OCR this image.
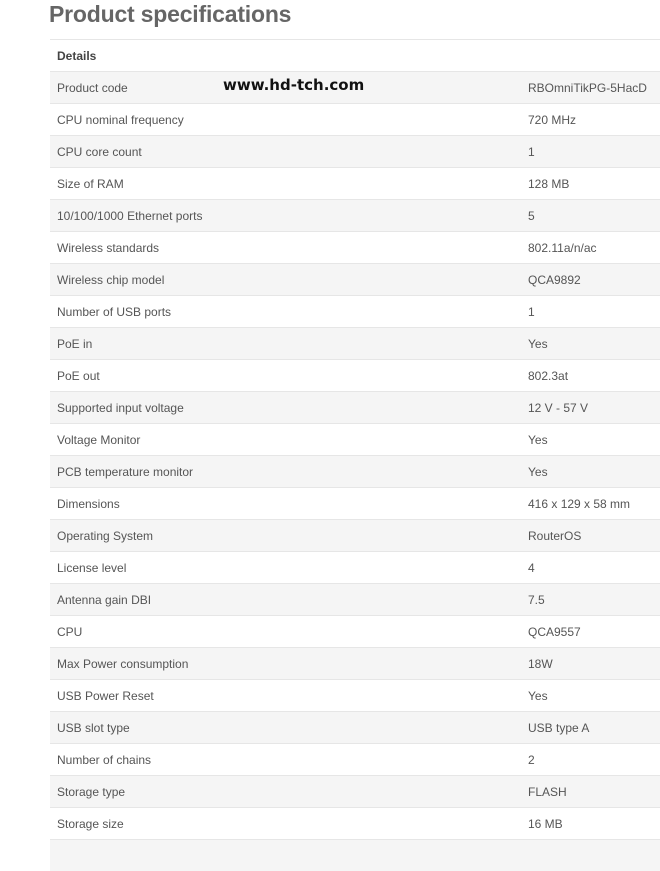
Product specifications
Details
Product code	RBOmniTikPG-5HacD
CPU nominal frequency	720 MHz
CPU core count	1
Size of RAM	128 MB
10/100/1000 Ethernet ports	5
Wireless standards	802.11a/n/ac
Wireless chip model	QCA9892
Number of USB ports	1
PoE in	Yes
PoE out	802.3at
Supported input voltage	12 V - 57 V
Voltage Monitor	Yes
PCB temperature monitor	Yes
Dimensions	416 x 129 x 58 mm
Operating System	RouterOS
License level	4
Antenna gain DBI	7.5
CPU	QCA9557
Max Power consumption	18W
USB Power Reset	Yes
USB slot type	USB type A
Number of chains	2
Storage type	FLASH
Storage size	16 MB
www.hd-tch.com
